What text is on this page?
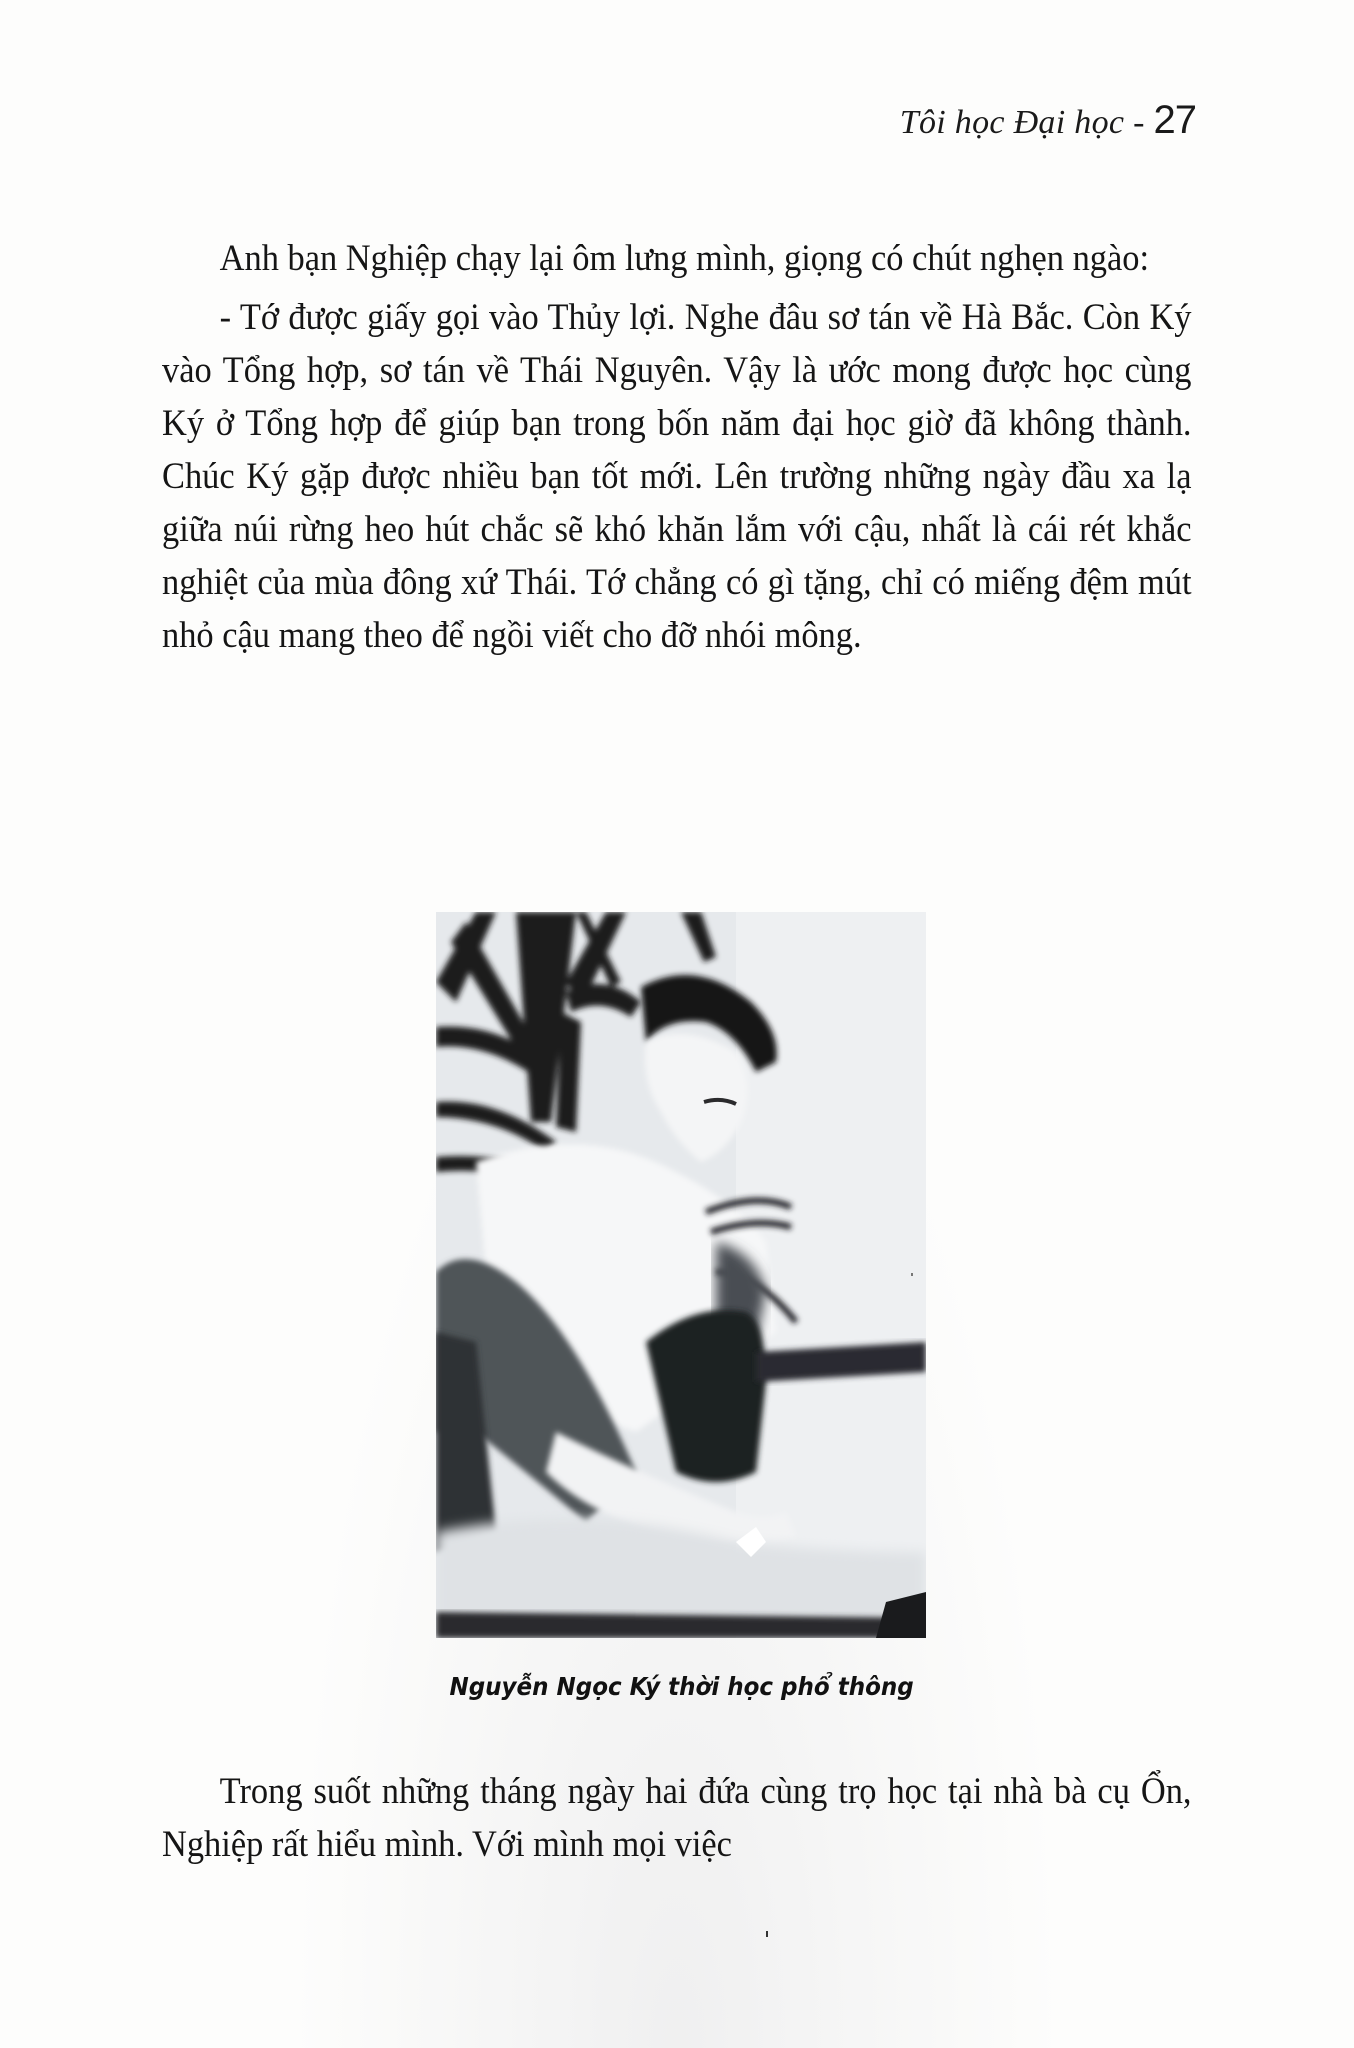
Tôi học Đại học - 27

Anh bạn Nghiệp chạy lại ôm lưng mình, giọng có chút nghẹn ngào:

- Tớ được giấy gọi vào Thủy lợi. Nghe đâu sơ tán về Hà Bắc. Còn Ký vào Tổng hợp, sơ tán về Thái Nguyên. Vậy là ước mong được học cùng Ký ở Tổng hợp để giúp bạn trong bốn năm đại học giờ đã không thành. Chúc Ký gặp được nhiều bạn tốt mới. Lên trường những ngày đầu xa lạ giữa núi rừng heo hút chắc sẽ khó khăn lắm với cậu, nhất là cái rét khắc nghiệt của mùa đông xứ Thái. Tớ chẳng có gì tặng, chỉ có miếng đệm mút nhỏ cậu mang theo để ngồi viết cho đỡ nhói mông.

Nguyễn Ngọc Ký thời học phổ thông

Trong suốt những tháng ngày hai đứa cùng trọ học tại nhà bà cụ Ổn, Nghiệp rất hiểu mình. Với mình mọi việc
